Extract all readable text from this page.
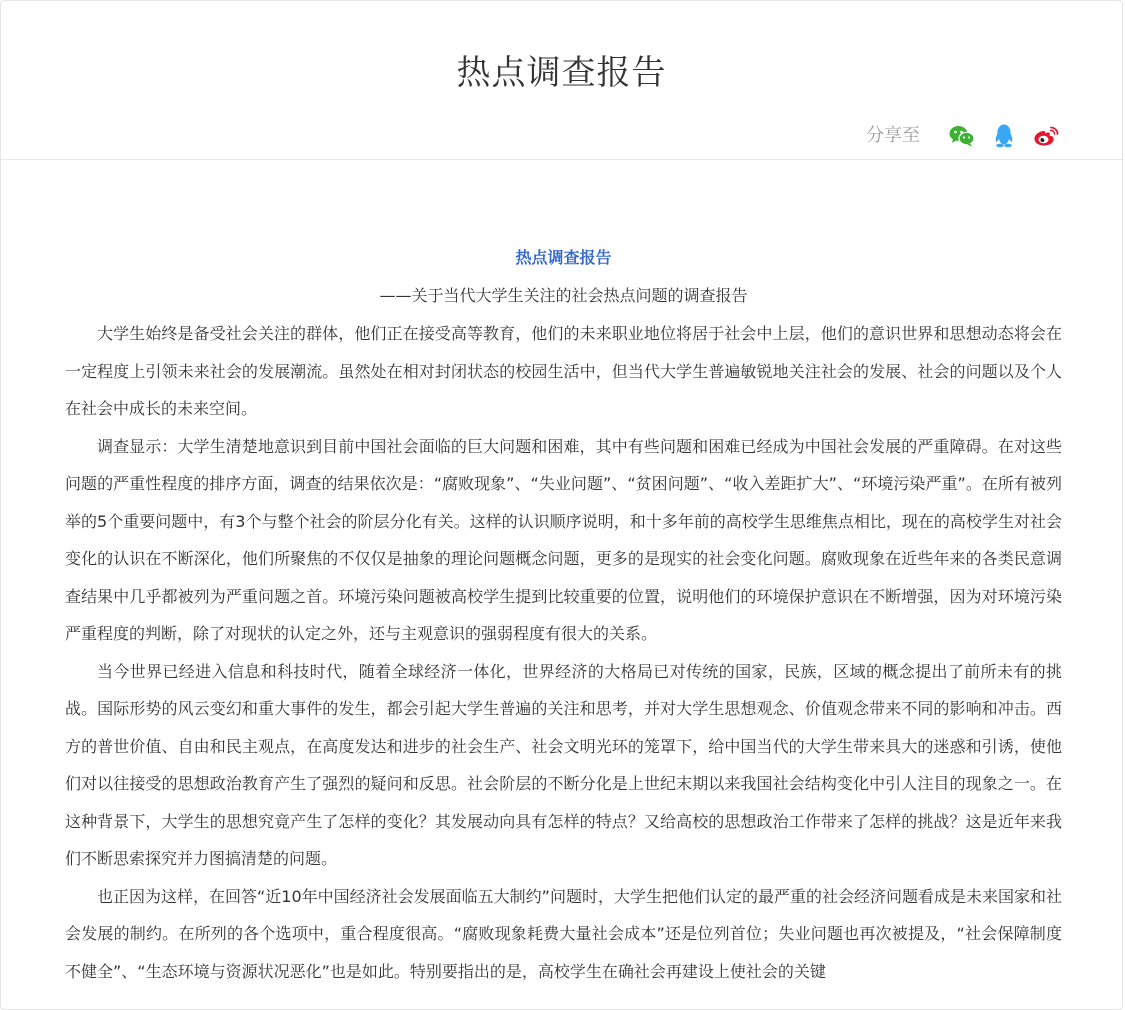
热点调查报告
分享至

热点调查报告

——关于当代大学生关注的社会热点问题的调查报告

大学生始终是备受社会关注的群体，他们正在接受高等教育，他们的未来职业地位将居于社会中上层，他们的意识世界和思想动态将会在一定程度上引领未来社会的发展潮流。虽然处在相对封闭状态的校园生活中，但当代大学生普遍敏锐地关注社会的发展、社会的问题以及个人在社会中成长的未来空间。

调查显示：大学生清楚地意识到目前中国社会面临的巨大问题和困难，其中有些问题和困难已经成为中国社会发展的严重障碍。在对这些问题的严重性程度的排序方面，调查的结果依次是：“腐败现象”、“失业问题”、“贫困问题”、“收入差距扩大”、“环境污染严重”。在所有被列举的5个重要问题中，有3个与整个社会的阶层分化有关。这样的认识顺序说明，和十多年前的高校学生思维焦点相比，现在的高校学生对社会变化的认识在不断深化，他们所聚焦的不仅仅是抽象的理论问题概念问题，更多的是现实的社会变化问题。腐败现象在近些年来的各类民意调查结果中几乎都被列为严重问题之首。环境污染问题被高校学生提到比较重要的位置，说明他们的环境保护意识在不断增强，因为对环境污染严重程度的判断，除了对现状的认定之外，还与主观意识的强弱程度有很大的关系。

当今世界已经进入信息和科技时代，随着全球经济一体化，世界经济的大格局已对传统的国家，民族，区域的概念提出了前所未有的挑战。国际形势的风云变幻和重大事件的发生，都会引起大学生普遍的关注和思考，并对大学生思想观念、价值观念带来不同的影响和冲击。西方的普世价值、自由和民主观点，在高度发达和进步的社会生产、社会文明光环的笼罩下，给中国当代的大学生带来具大的迷惑和引诱，使他们对以往接受的思想政治教育产生了强烈的疑问和反思。社会阶层的不断分化是上世纪末期以来我国社会结构变化中引人注目的现象之一。在这种背景下，大学生的思想究竟产生了怎样的变化？其发展动向具有怎样的特点？又给高校的思想政治工作带来了怎样的挑战？这是近年来我们不断思索探究并力图搞清楚的问题。

也正因为这样，在回答“近10年中国经济社会发展面临五大制约”问题时，大学生把他们认定的最严重的社会经济问题看成是未来国家和社会发展的制约。在所列的各个选项中，重合程度很高。“腐败现象耗费大量社会成本”还是位列首位；失业问题也再次被提及，“社会保障制度不健全”、“生态环境与资源状况恶化”也是如此。特别要指出的是，高校学生在确社会再建设上使社会的关键
